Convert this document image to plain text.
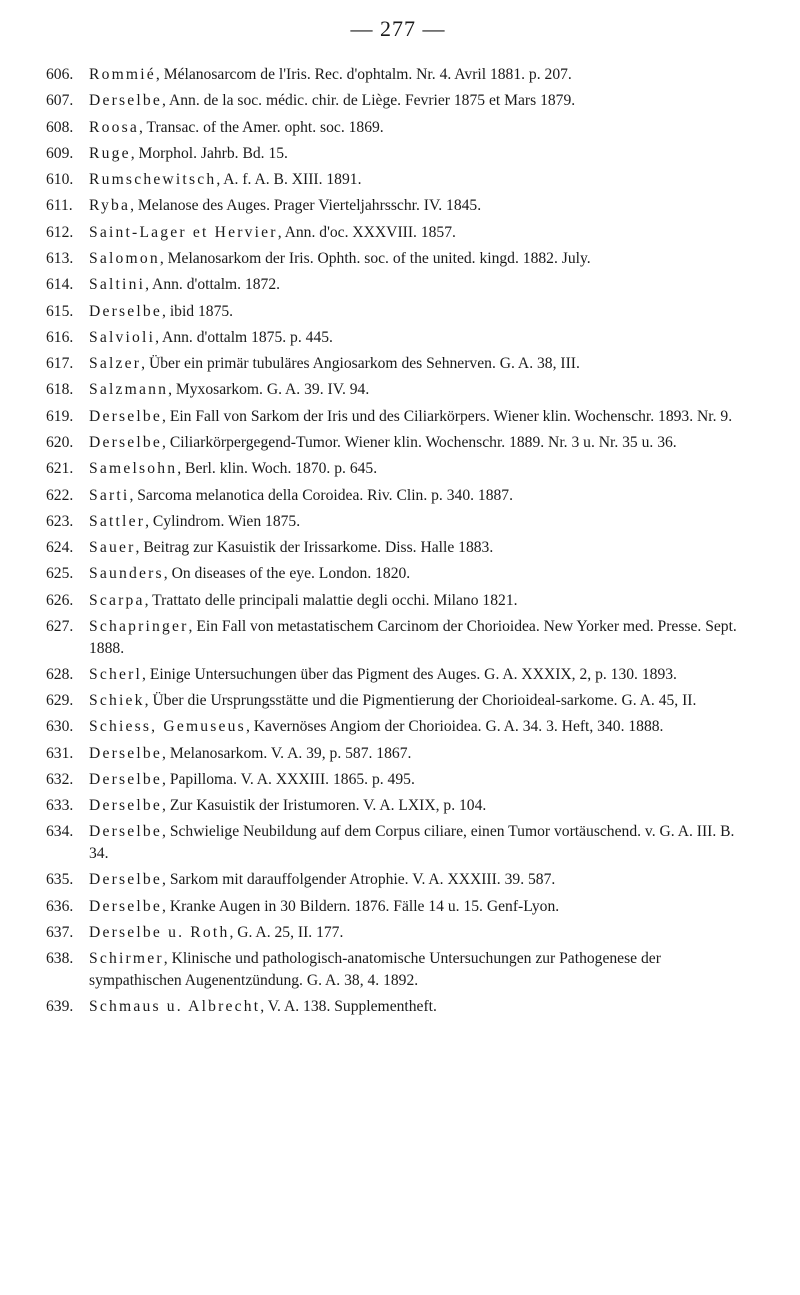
— 277 —
606.	Rommié, Mélanosarcom de l'Iris. Rec. d'ophtalm. Nr. 4. Avril 1881. p. 207.
607.	Derselbe, Ann. de la soc. médic. chir. de Liège. Fevrier 1875 et Mars 1879.
608.	Roosa, Transac. of the Amer. opht. soc. 1869.
609.	Ruge, Morphol. Jahrb. Bd. 15.
610.	Rumschewitsch, A. f. A. B. XIII. 1891.
611.	Ryba, Melanose des Auges. Prager Vierteljahrsschr. IV. 1845.
612.	Saint-Lager et Hervier, Ann. d'oc. XXXVIII. 1857.
613.	Salomon, Melanosarkom der Iris. Ophth. soc. of the united. kingd. 1882. July.
614.	Saltini, Ann. d'ottalm. 1872.
615.	Derselbe, ibid 1875.
616.	Salvioli, Ann. d'ottalm 1875. p. 445.
617.	Salzer, Über ein primär tubuläres Angiosarkom des Sehnerven. G. A. 38, III.
618.	Salzmann, Myxosarkom. G. A. 39. IV. 94.
619.	Derselbe, Ein Fall von Sarkom der Iris und des Ciliarkörpers. Wiener klin. Wochenschr. 1893. Nr. 9.
620.	Derselbe, Ciliarkörpergegend-Tumor. Wiener klin. Wochenschr. 1889. Nr. 3 u. Nr. 35 u. 36.
621.	Samelsohn, Berl. klin. Woch. 1870. p. 645.
622.	Sarti, Sarcoma melanotica della Coroidea. Riv. Clin. p. 340. 1887.
623.	Sattler, Cylindrom. Wien 1875.
624.	Sauer, Beitrag zur Kasuistik der Irissarkome. Diss. Halle 1883.
625.	Saunders, On diseases of the eye. London. 1820.
626.	Scarpa, Trattato delle principali malattie degli occhi. Milano 1821.
627.	Schapringer, Ein Fall von metastatischem Carcinom der Chorioidea. New Yorker med. Presse. Sept. 1888.
628.	Scherl, Einige Untersuchungen über das Pigment des Auges. G. A. XXXIX, 2, p. 130. 1893.
629.	Schiek, Über die Ursprungsstätte und die Pigmentierung der Chorioideal-sarkome. G. A. 45, II.
630.	Schiess, Gemuseus, Kavernöses Angiom der Chorioidea. G. A. 34. 3. Heft, 340. 1888.
631.	Derselbe, Melanosarkom. V. A. 39, p. 587. 1867.
632.	Derselbe, Papilloma. V. A. XXXIII. 1865. p. 495.
633.	Derselbe, Zur Kasuistik der Iristumoren. V. A. LXIX, p. 104.
634.	Derselbe, Schwielige Neubildung auf dem Corpus ciliare, einen Tumor vortäuschend. v. G. A. III. B. 34.
635.	Derselbe, Sarkom mit darauffolgender Atrophie. V. A. XXXIII. 39. 587.
636.	Derselbe, Kranke Augen in 30 Bildern. 1876. Fälle 14 u. 15. Genf-Lyon.
637.	Derselbe u. Roth, G. A. 25, II. 177.
638.	Schirmer, Klinische und pathologisch-anatomische Untersuchungen zur Pathogenese der sympathischen Augenentzündung. G. A. 38, 4. 1892.
639.	Schmaus u. Albrecht, V. A. 138. Supplementheft.
